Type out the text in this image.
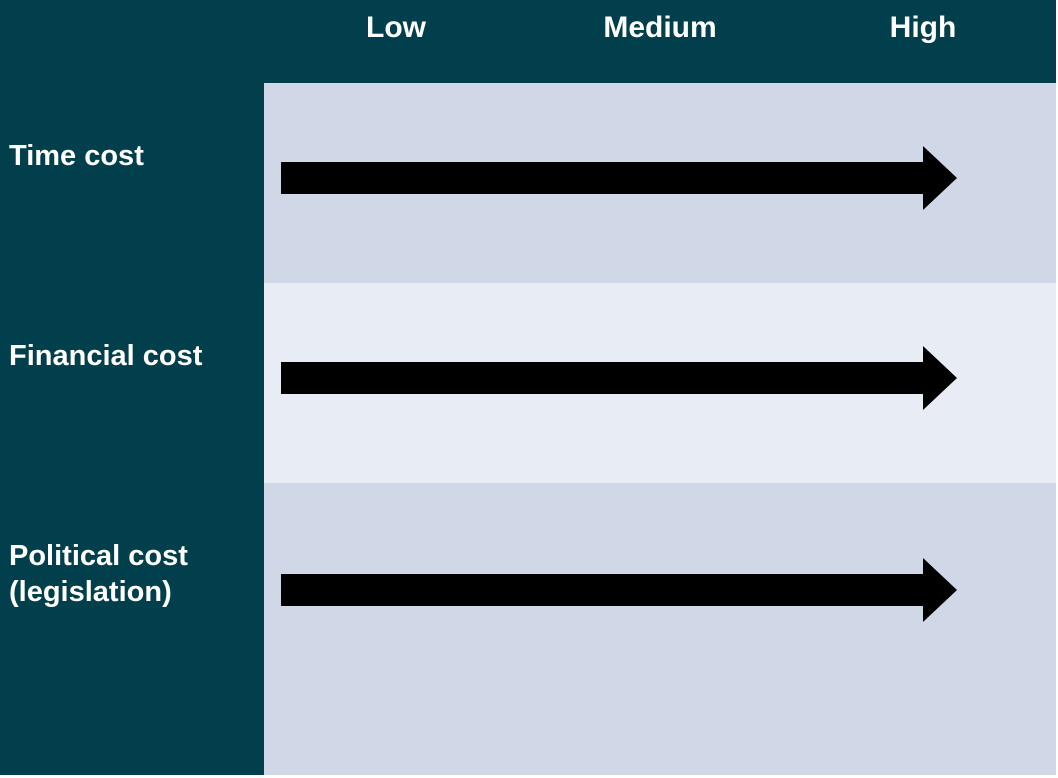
Low	Medium	High
Time cost
Financial cost
Political cost
(legislation)
